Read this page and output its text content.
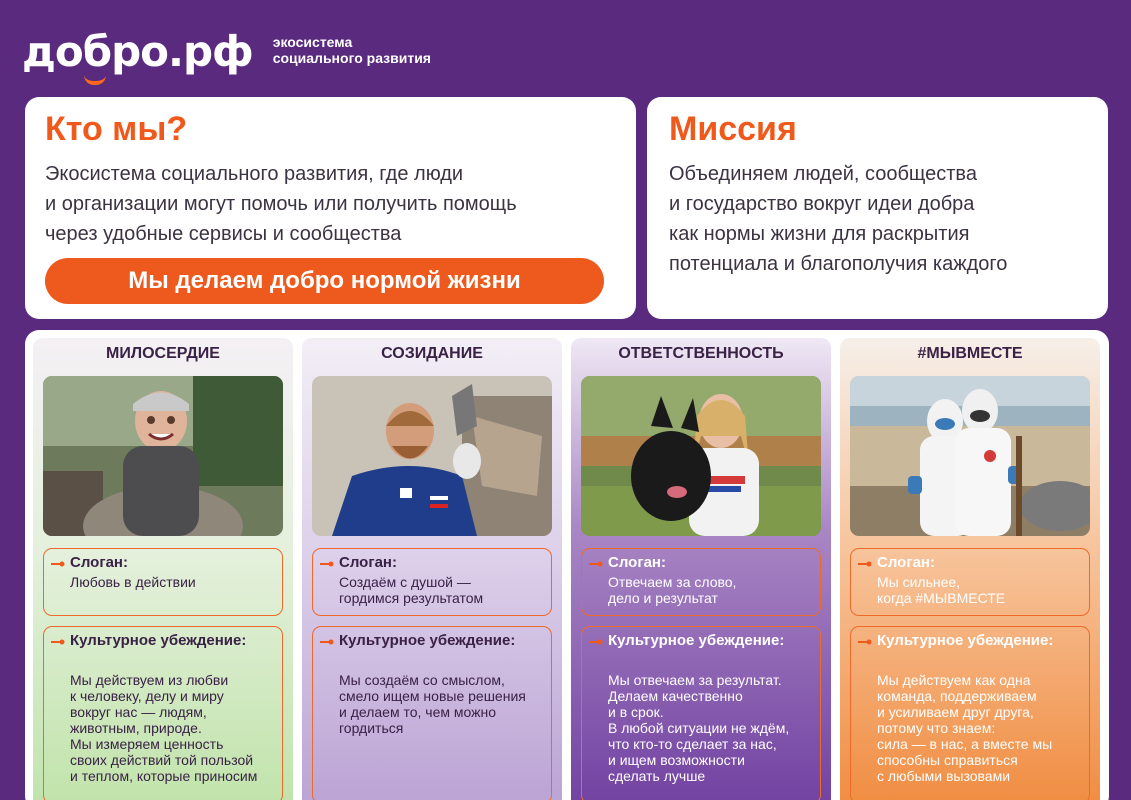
добро.рф экосистема
социального развития
Кто мы?
Экосистема социального развития, где люди
и организации могут помочь или получить помощь
через удобные сервисы и сообщества
Мы делаем добро нормой жизни
Миссия
Объединяем людей, сообщества
и государство вокруг идеи добра
как нормы жизни для раскрытия
потенциала и благополучия каждого
МИЛОСЕРДИЕ
Слоган:
Любовь в действии
Культурное убеждение:
Мы действуем из любви
к человеку, делу и миру
вокруг нас — людям,
животным, природе.
Мы измеряем ценность
своих действий той пользой
и теплом, которые приносим
СОЗИДАНИЕ
Слоган:
Создаём с душой —
гордимся результатом
Культурное убеждение:
Мы создаём со смыслом,
смело ищем новые решения
и делаем то, чем можно
гордиться
ОТВЕТСТВЕННОСТЬ
Слоган:
Отвечаем за слово,
дело и результат
Культурное убеждение:
Мы отвечаем за результат.
Делаем качественно
и в срок.
В любой ситуации не ждём,
что кто-то сделает за нас,
и ищем возможности
сделать лучше
#МЫВМЕСТЕ
Слоган:
Мы сильнее,
когда #МЫВМЕСТЕ
Культурное убеждение:
Мы действуем как одна
команда, поддерживаем
и усиливаем друг друга,
потому что знаем:
сила — в нас, а вместе мы
способны справиться
с любыми вызовами
